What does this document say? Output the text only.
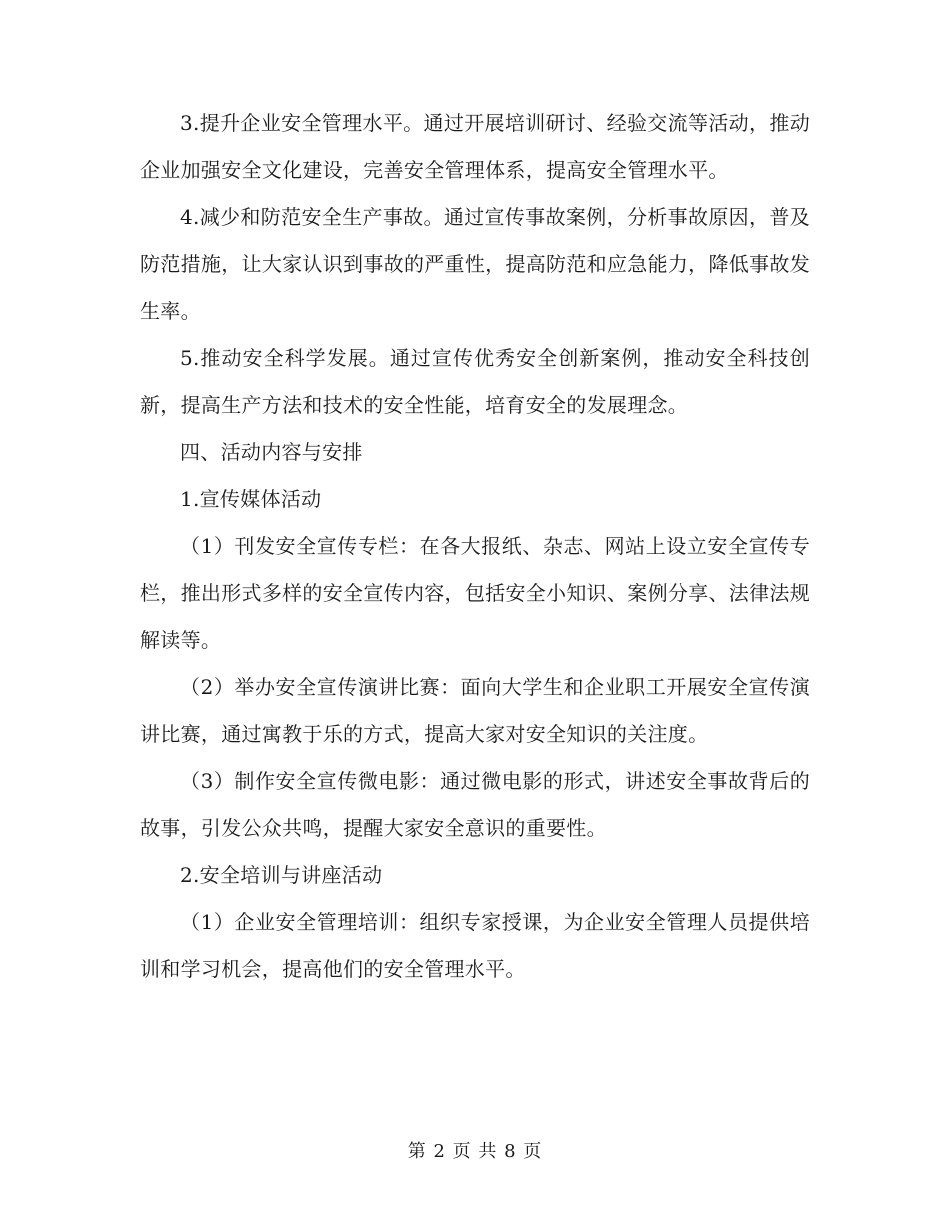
3.提升企业安全管理水平。通过开展培训研讨、经验交流等活动，推动企业加强安全文化建设，完善安全管理体系，提高安全管理水平。

4.减少和防范安全生产事故。通过宣传事故案例，分析事故原因，普及防范措施，让大家认识到事故的严重性，提高防范和应急能力，降低事故发生率。

5.推动安全科学发展。通过宣传优秀安全创新案例，推动安全科技创新，提高生产方法和技术的安全性能，培育安全的发展理念。

四、活动内容与安排

1.宣传媒体活动

（1）刊发安全宣传专栏：在各大报纸、杂志、网站上设立安全宣传专栏，推出形式多样的安全宣传内容，包括安全小知识、案例分享、法律法规解读等。

（2）举办安全宣传演讲比赛：面向大学生和企业职工开展安全宣传演讲比赛，通过寓教于乐的方式，提高大家对安全知识的关注度。

（3）制作安全宣传微电影：通过微电影的形式，讲述安全事故背后的故事，引发公众共鸣，提醒大家安全意识的重要性。

2.安全培训与讲座活动

（1）企业安全管理培训：组织专家授课，为企业安全管理人员提供培训和学习机会，提高他们的安全管理水平。

第 2 页 共 8 页
